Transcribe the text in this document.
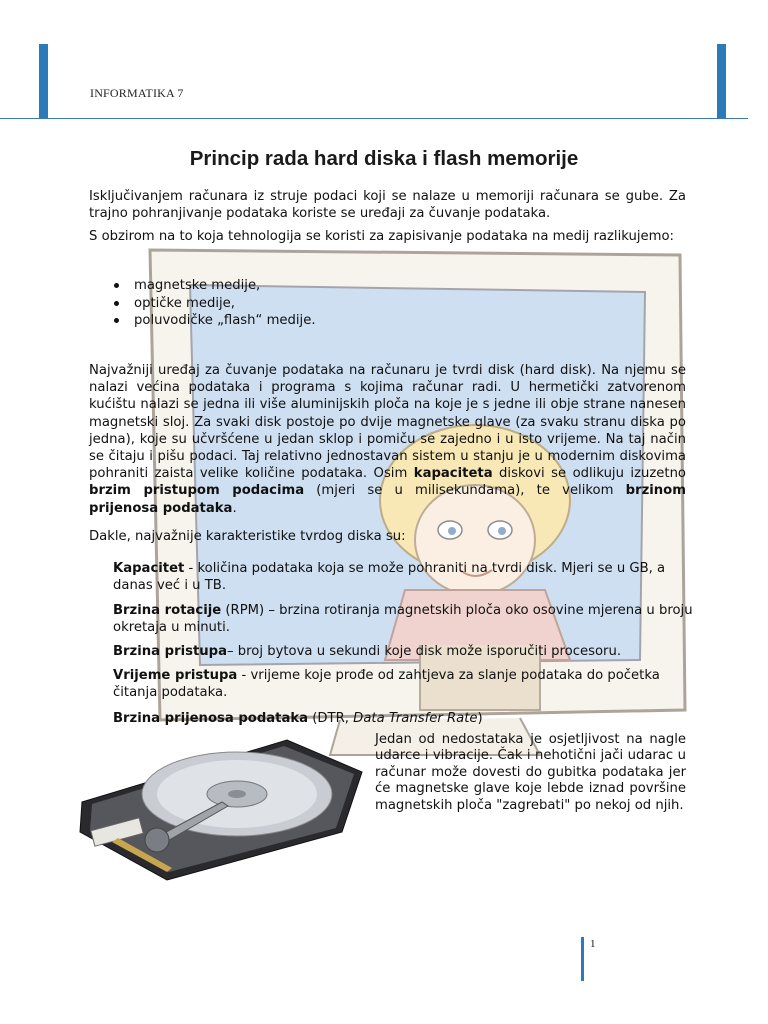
INFORMATIKA 7
Princip rada hard diska i flash memorije
Isključivanjem računara iz struje podaci koji se nalaze u memoriji računara se gube. Za trajno pohranjivanje podataka koriste se uređaji za čuvanje podataka.
S obzirom na to koja tehnologija se koristi za zapisivanje podataka na medij razlikujemo:
magnetske medije,
optičke medije,
poluvodičke „flash“ medije.
Najvažniji uređaj za čuvanje podataka na računaru je tvrdi disk (hard disk). Na njemu se nalazi većina podataka i programa s kojima računar radi. U hermetički zatvorenom kućištu nalazi se jedna ili više aluminijskih ploča na koje je s jedne ili obje strane nanesen magnetski sloj. Za svaki disk postoje po dvije magnetske glave (za svaku stranu diska po jedna), koje su učvršćene u jedan sklop i pomiču se zajedno i u isto vrijeme. Na taj način se čitaju i pišu podaci. Taj relativno jednostavan sistem u stanju je u modernim diskovima pohraniti zaista velike količine podataka. Osim kapaciteta diskovi se odlikuju izuzetno brzim pristupom podacima (mjeri se u milisekundama), te velikom brzinom prijenosa podataka.
Dakle, najvažnije karakteristike tvrdog diska su:
Kapacitet - količina podataka koja se može pohraniti na tvrdi disk. Mjeri se u GB, a danas već i u TB.
Brzina rotacije (RPM) – brzina rotiranja magnetskih ploča oko osovine mjerena u broju okretaja u minuti.
Brzina pristupa– broj bytova u sekundi koje disk može isporučiti procesoru.
Vrijeme pristupa - vrijeme koje prođe od zahtjeva za slanje podataka do početka čitanja podataka.
Brzina prijenosa podataka (DTR, Data Transfer Rate)
Jedan od nedostataka je osjetljivost na nagle udarce i vibracije. Čak i nehotični jači udarac u računar može dovesti do gubitka podataka jer će magnetske glave koje lebde iznad površine magnetskih ploča "zagrebati" po nekoj od njih.
1
